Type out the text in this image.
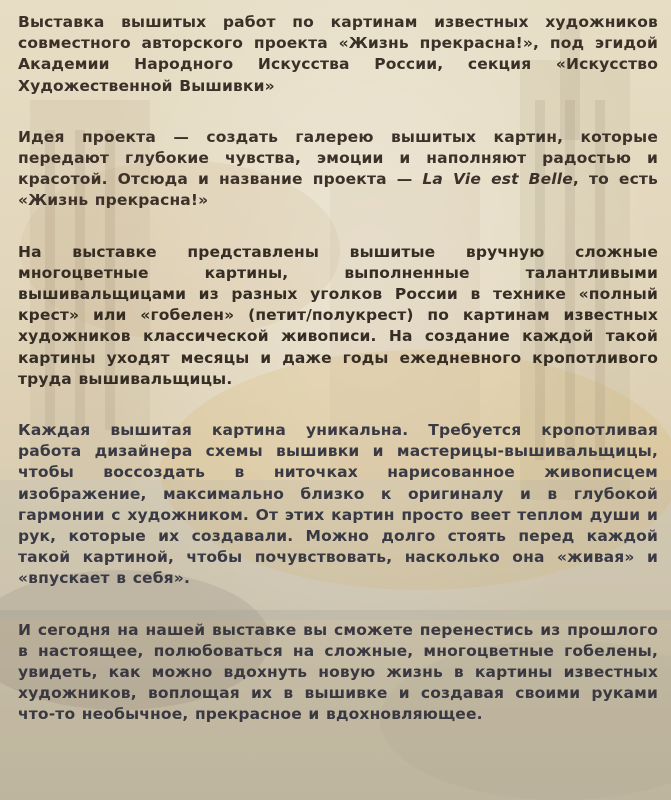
Выставка вышитых работ по картинам известных художников совместного авторского проекта «Жизнь прекрасна!», под эгидой Академии Народного Искусства России, секция «Искусство Художественной Вышивки»

Идея проекта — создать галерею вышитых картин, которые передают глубокие чувства, эмоции и наполняют радостью и красотой. Отсюда и название проекта — La Vie est Belle, то есть «Жизнь прекрасна!»

На выставке представлены вышитые вручную сложные многоцветные картины, выполненные талантливыми вышивальщицами из разных уголков России в технике «полный крест» или «гобелен» (петит/полукрест) по картинам известных художников классической живописи. На создание каждой такой картины уходят месяцы и даже годы ежедневного кропотливого труда вышивальщицы.

Каждая вышитая картина уникальна. Требуется кропотливая работа дизайнера схемы вышивки и мастерицы-вышивальщицы, чтобы воссоздать в ниточках нарисованное живописцем изображение, максимально близко к оригиналу и в глубокой гармонии с художником. От этих картин просто веет теплом души и рук, которые их создавали. Можно долго стоять перед каждой такой картиной, чтобы почувствовать, насколько она «живая» и «впускает в себя».

И сегодня на нашей выставке вы сможете перенестись из прошлого в настоящее, полюбоваться на сложные, многоцветные гобелены, увидеть, как можно вдохнуть новую жизнь в картины известных художников, воплощая их в вышивке и создавая своими руками что-то необычное, прекрасное и вдохновляющее.
